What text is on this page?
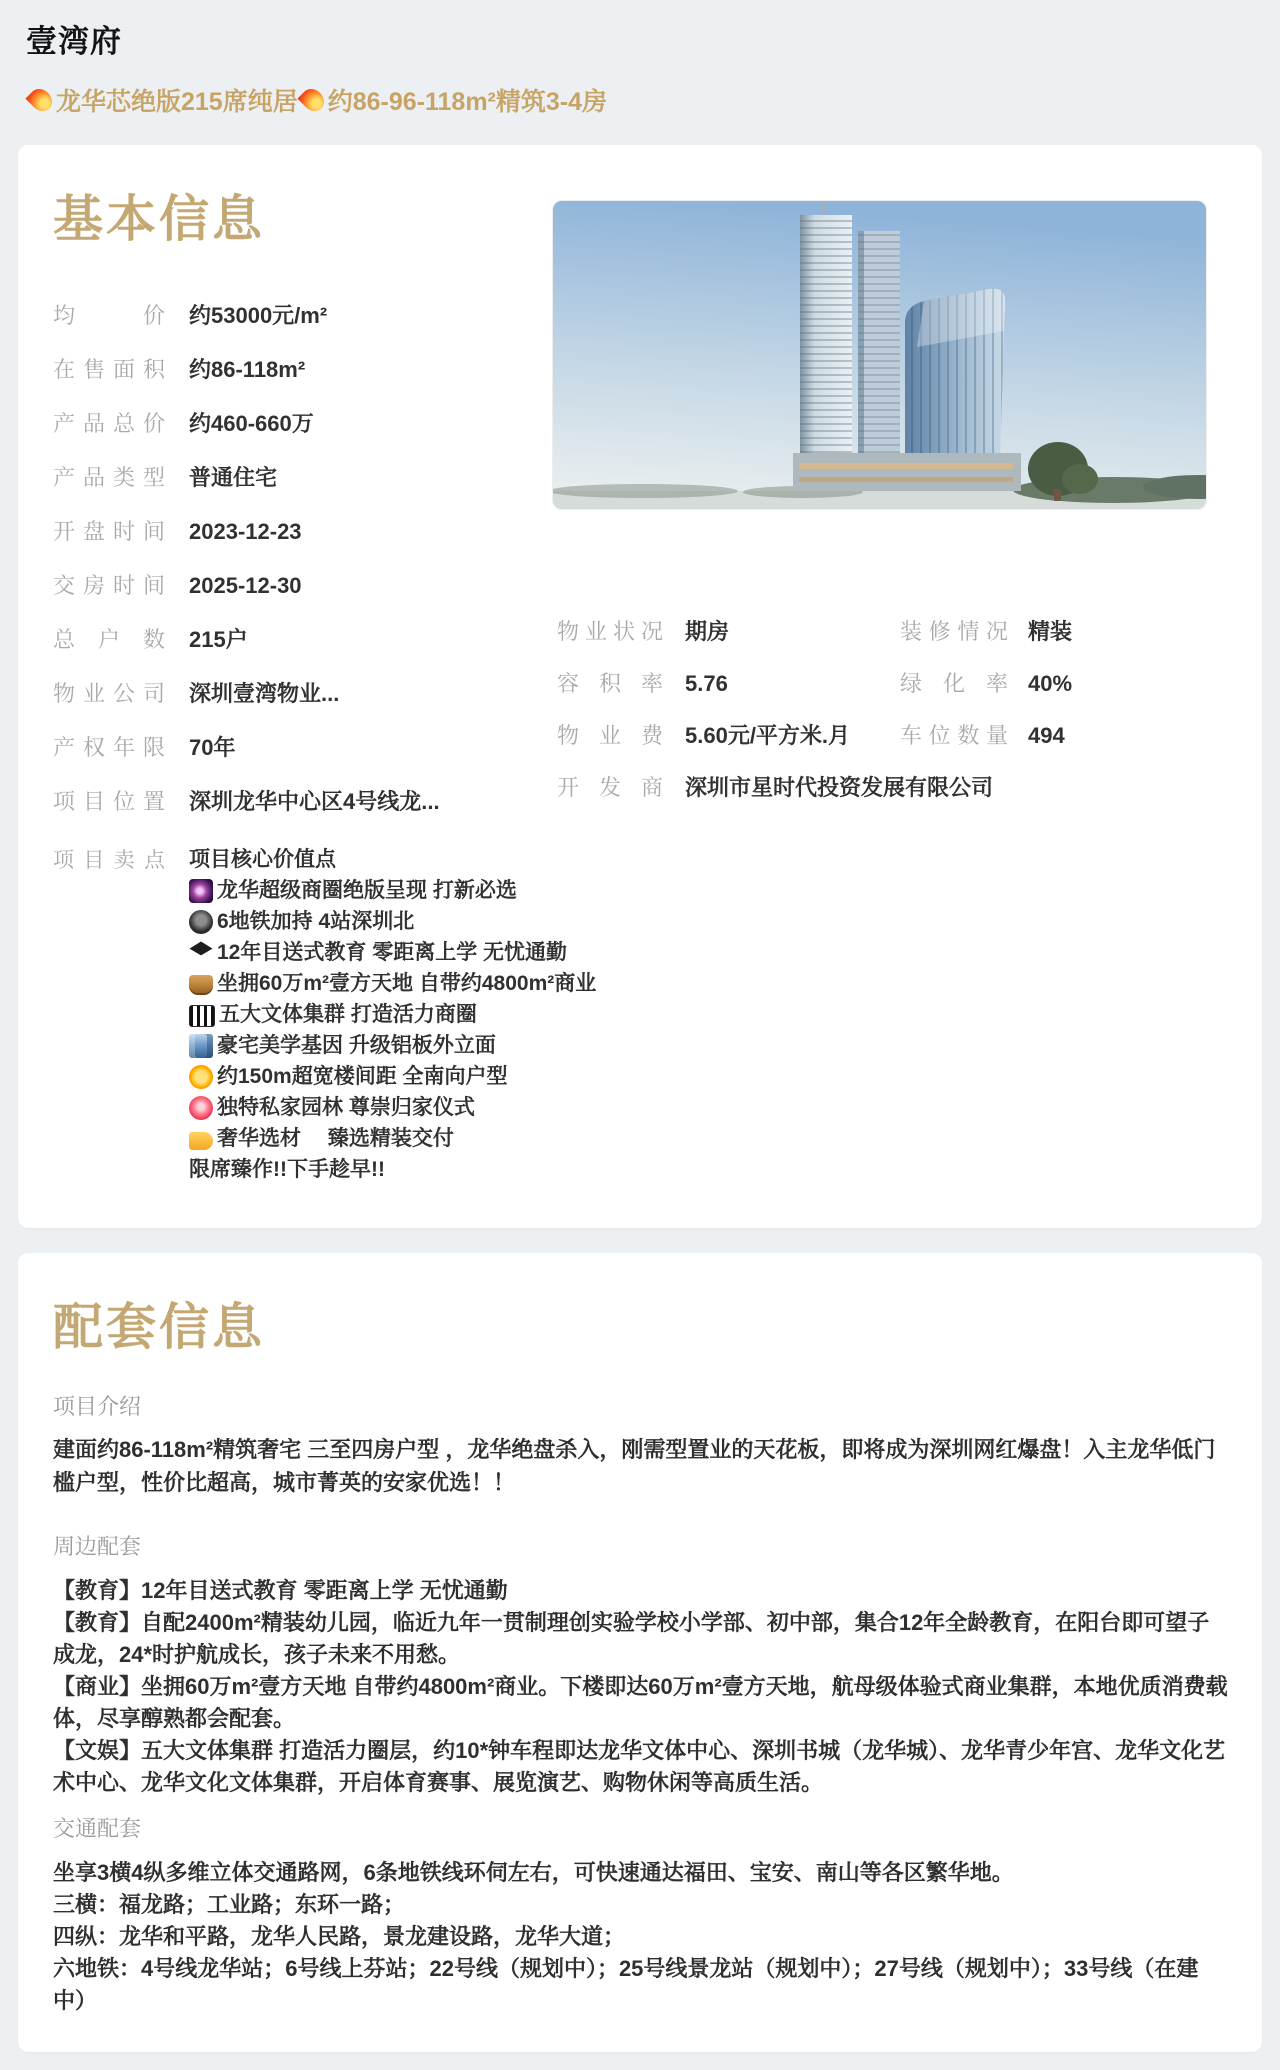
壹湾府
龙华芯绝版215席纯居 约86-96-118m²精筑3-4房
基本信息
均价 约53000元/m²
在售面积 约86-118m²
产品总价 约460-660万
产品类型 普通住宅
开盘时间 2023-12-23
交房时间 2025-12-30
总户数 215户
物业公司 深圳壹湾物业...
产权年限 70年
项目位置 深圳龙华中心区4号线龙...
项目卖点 项目核心价值点
龙华超级商圈绝版呈现 打新必选
6地铁加持 4站深圳北
12年目送式教育 零距离上学 无忧通勤
坐拥60万m²壹方天地 自带约4800m²商业
五大文体集群 打造活力商圈
豪宅美学基因 升级铝板外立面
约150m超宽楼间距 全南向户型
独特私家园林 尊崇归家仪式
奢华选材　 臻选精装交付
限席臻作!!下手趁早!!
物业状况 期房
容积率 5.76
物业费 5.60元/平方米.月
开发商 深圳市星时代投资发展有限公司
装修情况 精装
绿化率 40%
车位数量 494
配套信息
项目介绍

建面约86-118m²精筑奢宅 三至四房户型 ，龙华绝盘杀入，刚需型置业的天花板，即将成为深圳网红爆盘！入主龙华低门槛户型，性价比超高，城市菁英的安家优选！！

周边配套

【教育】12年目送式教育 零距离上学 无忧通勤

【教育】自配2400m²精装幼儿园，临近九年一贯制理创实验学校小学部、初中部，集合12年全龄教育，在阳台即可望子成龙，24*时护航成长，孩子未来不用愁。

【商业】坐拥60万m²壹方天地 自带约4800m²商业。下楼即达60万m²壹方天地，航母级体验式商业集群，本地优质消费载体，尽享醇熟都会配套。

【文娱】五大文体集群 打造活力圈层，约10*钟车程即达龙华文体中心、深圳书城（龙华城）、龙华青少年宫、龙华文化艺术中心、龙华文化文体集群，开启体育赛事、展览演艺、购物休闲等高质生活。

交通配套

坐享3横4纵多维立体交通路网，6条地铁线环伺左右，可快速通达福田、宝安、南山等各区繁华地。

三横：福龙路；工业路；东环一路；

四纵：龙华和平路，龙华人民路，景龙建设路，龙华大道；

六地铁：4号线龙华站；6号线上芬站；22号线（规划中）；25号线景龙站（规划中）；27号线（规划中）；33号线（在建中）
